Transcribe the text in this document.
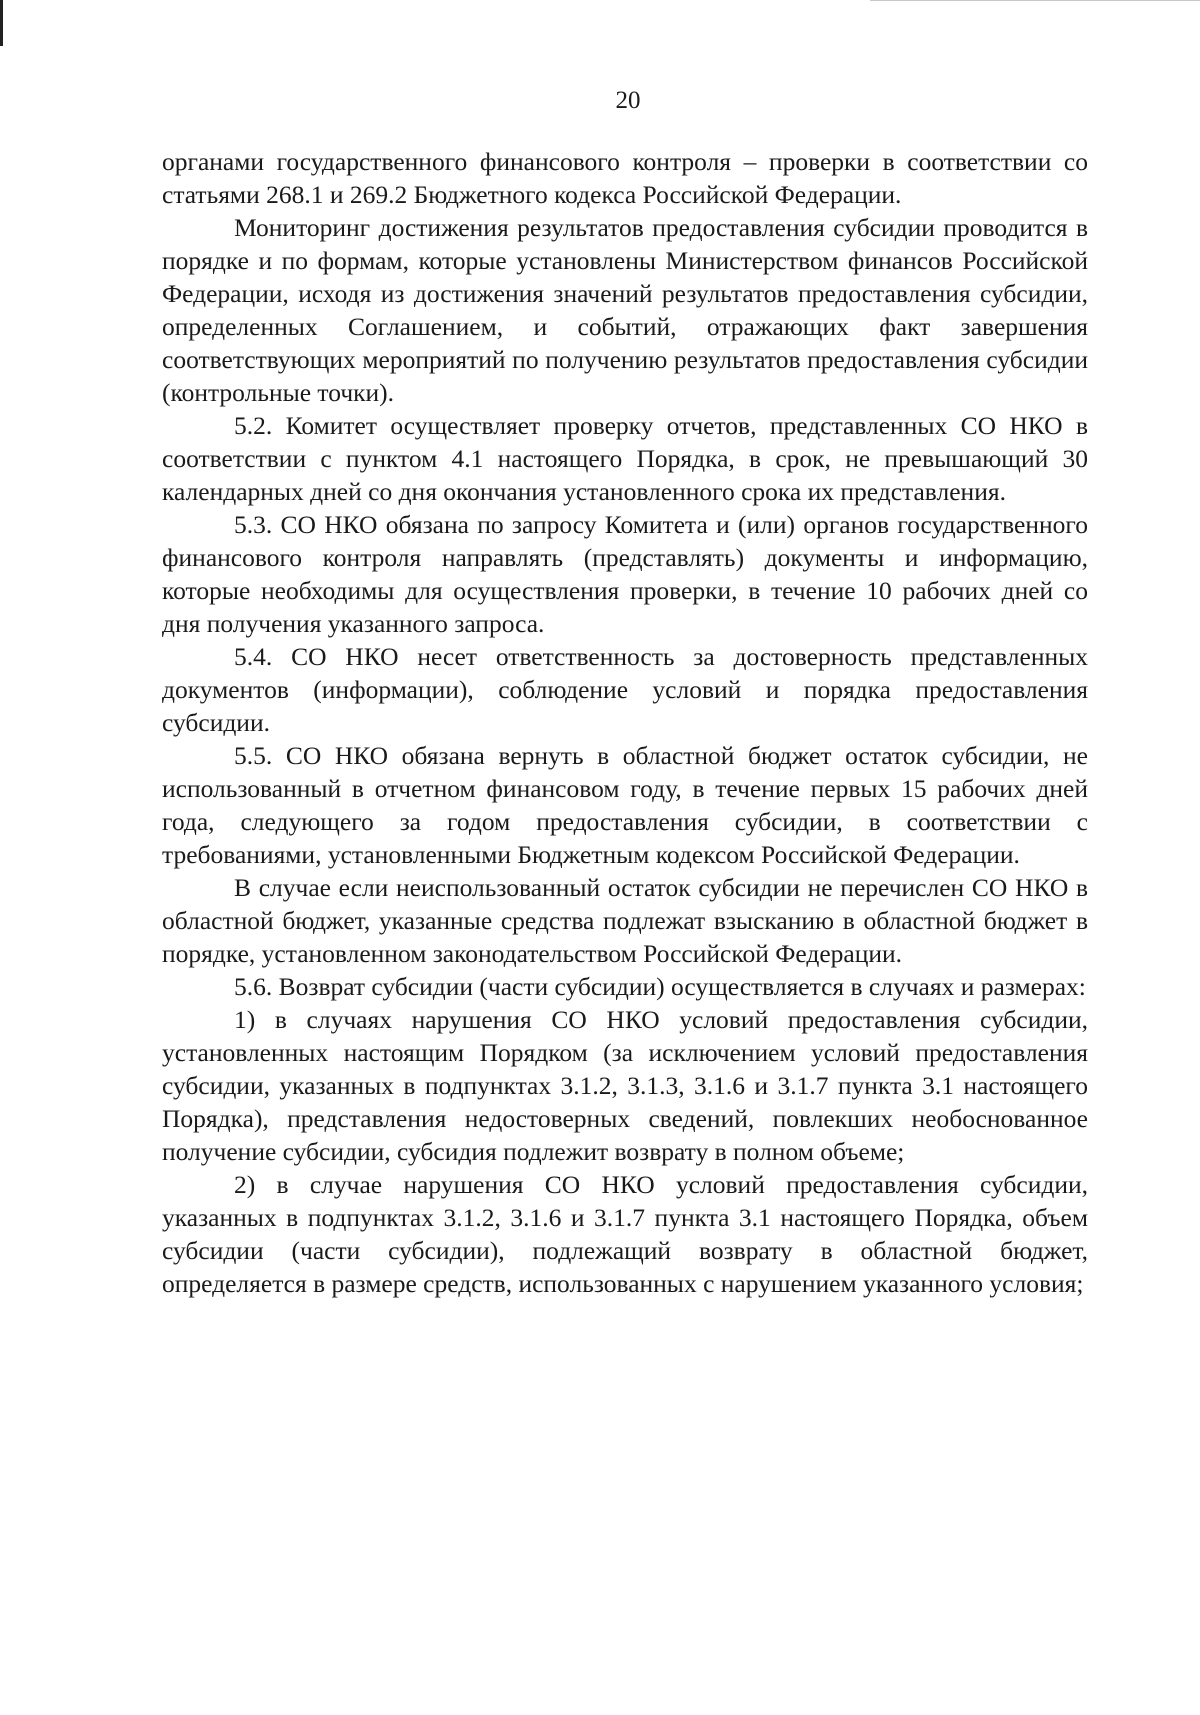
20

органами государственного финансового контроля – проверки в соответствии со статьями 268.1 и 269.2 Бюджетного кодекса Российской Федерации.

Мониторинг достижения результатов предоставления субсидии проводится в порядке и по формам, которые установлены Министерством финансов Российской Федерации, исходя из достижения значений результатов предоставления субсидии, определенных Соглашением, и событий, отражающих факт завершения соответствующих мероприятий по получению результатов предоставления субсидии (контрольные точки).

5.2. Комитет осуществляет проверку отчетов, представленных СО НКО в соответствии с пунктом 4.1 настоящего Порядка, в срок, не превышающий 30 календарных дней со дня окончания установленного срока их представления.

5.3. СО НКО обязана по запросу Комитета и (или) органов государственного финансового контроля направлять (представлять) документы и информацию, которые необходимы для осуществления проверки, в течение 10 рабочих дней со дня получения указанного запроса.

5.4. СО НКО несет ответственность за достоверность представленных документов (информации), соблюдение условий и порядка предоставления субсидии.

5.5. СО НКО обязана вернуть в областной бюджет остаток субсидии, не использованный в отчетном финансовом году, в течение первых 15 рабочих дней года, следующего за годом предоставления субсидии, в соответствии с требованиями, установленными Бюджетным кодексом Российской Федерации.

В случае если неиспользованный остаток субсидии не перечислен СО НКО в областной бюджет, указанные средства подлежат взысканию в областной бюджет в порядке, установленном законодательством Российской Федерации.

5.6. Возврат субсидии (части субсидии) осуществляется в случаях и размерах:

1) в случаях нарушения СО НКО условий предоставления субсидии, установленных настоящим Порядком (за исключением условий предоставления субсидии, указанных в подпунктах 3.1.2, 3.1.3, 3.1.6 и 3.1.7 пункта 3.1 настоящего Порядка), представления недостоверных сведений, повлекших необоснованное получение субсидии, субсидия подлежит возврату в полном объеме;

2) в случае нарушения СО НКО условий предоставления субсидии, указанных в подпунктах 3.1.2, 3.1.6 и 3.1.7 пункта 3.1 настоящего Порядка, объем субсидии (части субсидии), подлежащий возврату в областной бюджет, определяется в размере средств, использованных с нарушением указанного условия;
